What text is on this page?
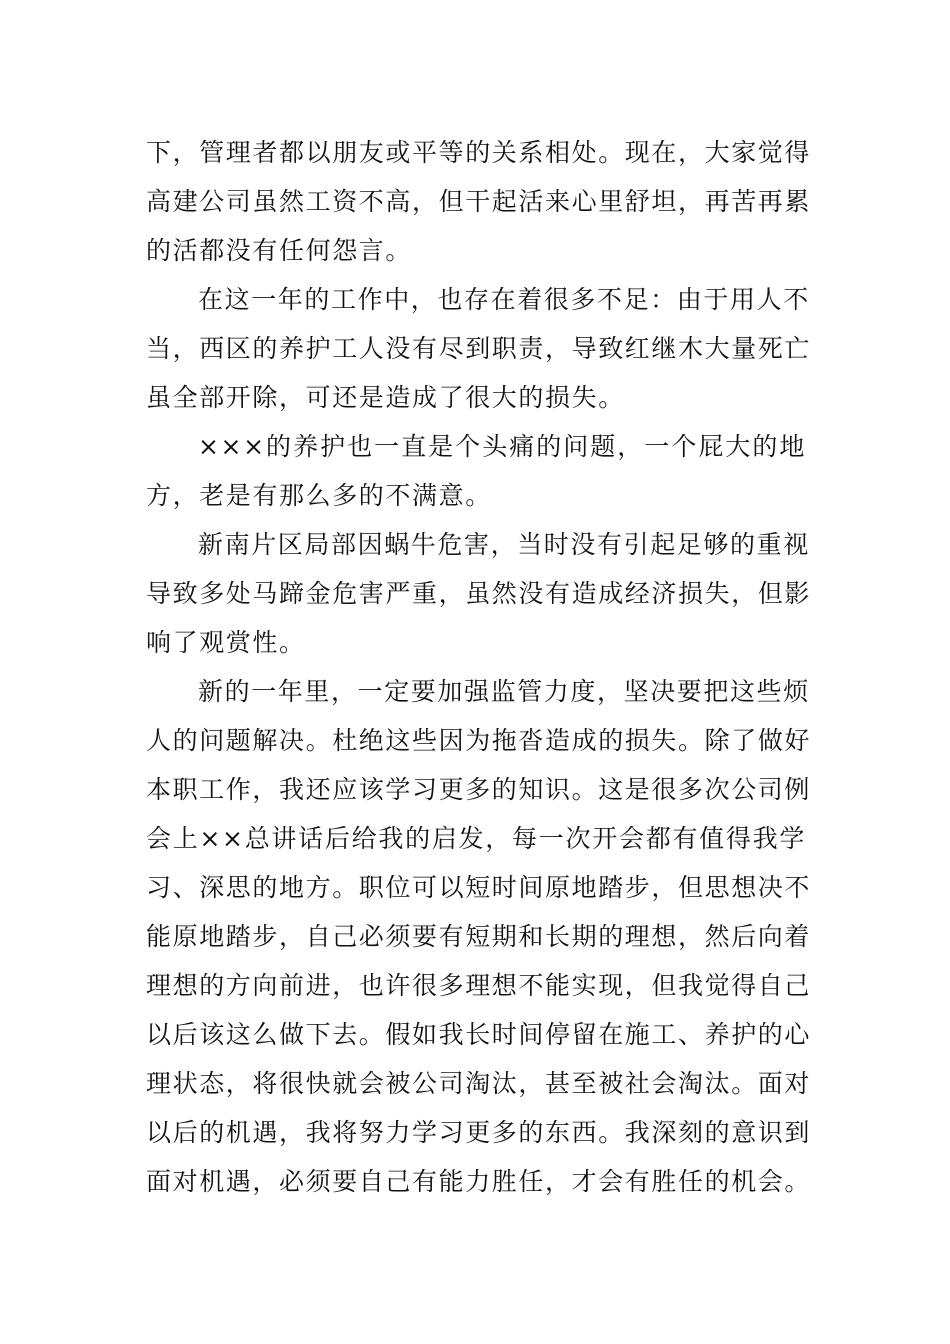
下，管理者都以朋友或平等的关系相处。现在，大家觉得
高建公司虽然工资不高，但干起活来心里舒坦，再苦再累
的活都没有任何怨言。
在这一年的工作中，也存在着很多不足：由于用人不
当，西区的养护工人没有尽到职责，导致红继木大量死亡
虽全部开除，可还是造成了很大的损失。
×××的养护也一直是个头痛的问题，一个屁大的地
方，老是有那么多的不满意。
新南片区局部因蜗牛危害，当时没有引起足够的重视
导致多处马蹄金危害严重，虽然没有造成经济损失，但影
响了观赏性。
新的一年里，一定要加强监管力度，坚决要把这些烦
人的问题解决。杜绝这些因为拖沓造成的损失。除了做好
本职工作，我还应该学习更多的知识。这是很多次公司例
会上××总讲话后给我的启发，每一次开会都有值得我学
习、深思的地方。职位可以短时间原地踏步，但思想决不
能原地踏步，自己必须要有短期和长期的理想，然后向着
理想的方向前进，也许很多理想不能实现，但我觉得自己
以后该这么做下去。假如我长时间停留在施工、养护的心
理状态，将很快就会被公司淘汰，甚至被社会淘汰。面对
以后的机遇，我将努力学习更多的东西。我深刻的意识到
面对机遇，必须要自己有能力胜任，才会有胜任的机会。
